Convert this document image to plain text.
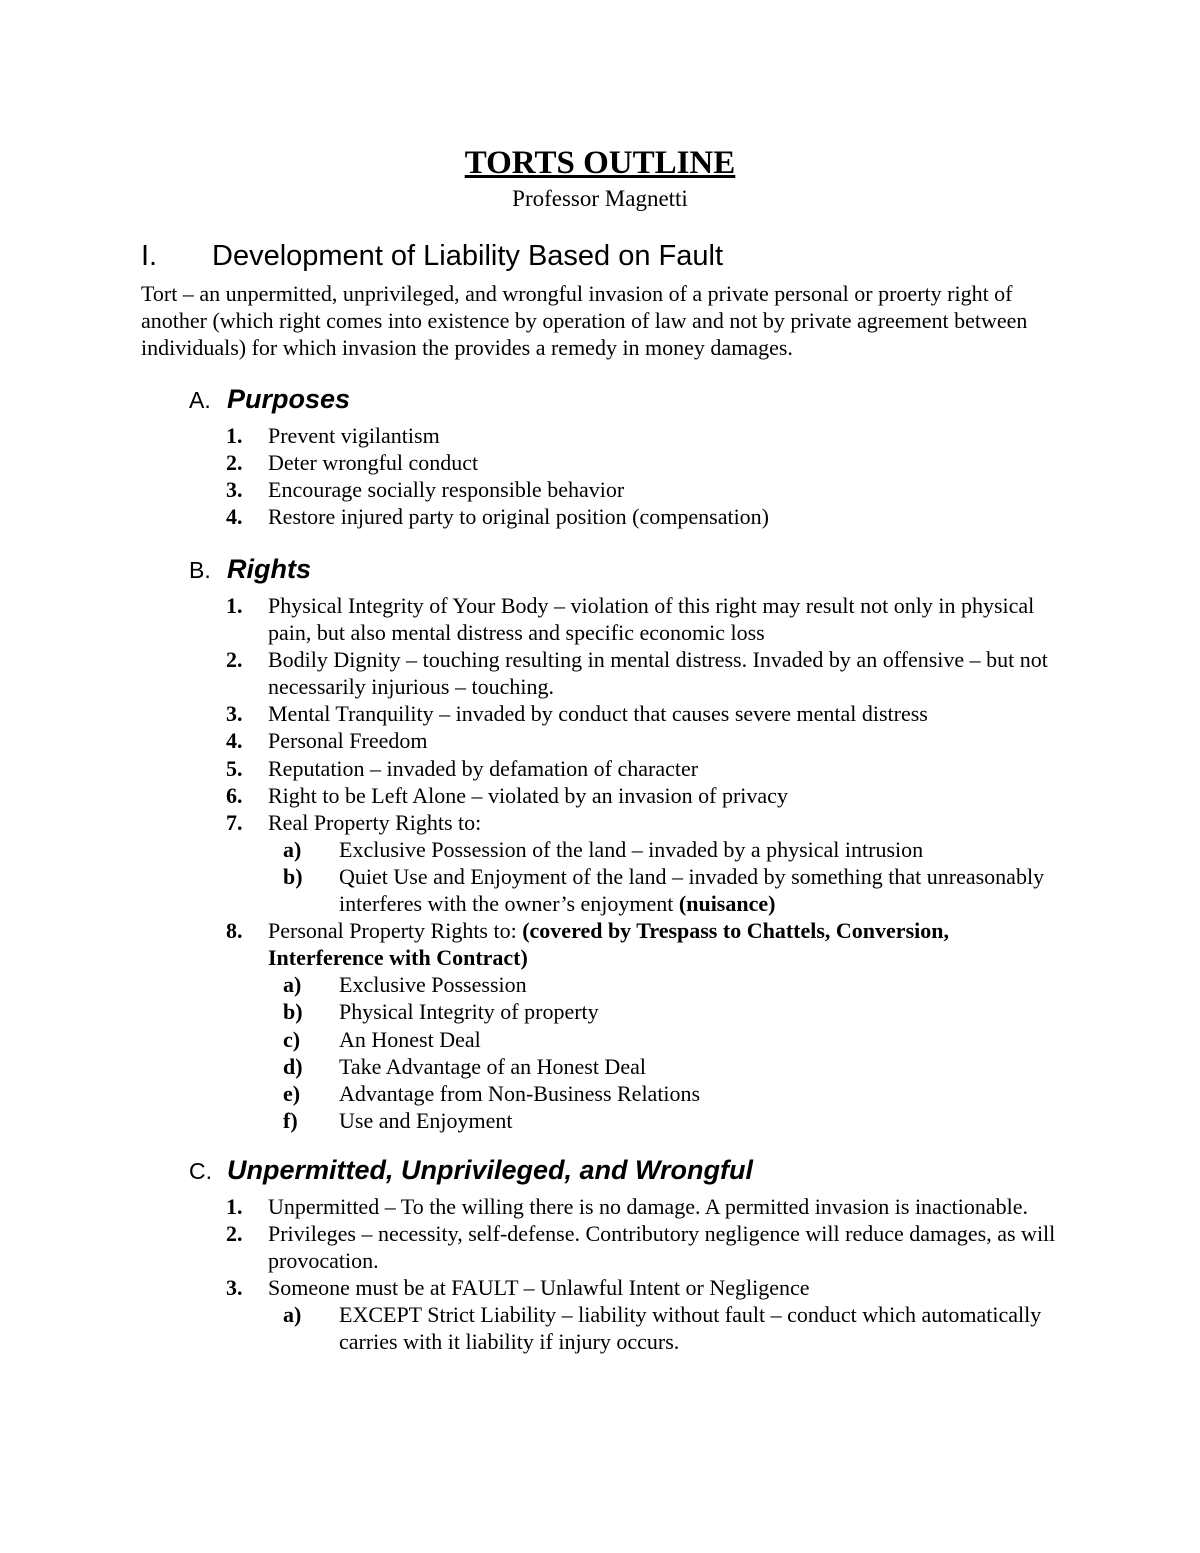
TORTS OUTLINE
Professor Magnetti
I. Development of Liability Based on Fault
Tort – an unpermitted, unprivileged, and wrongful invasion of a private personal or proerty right of another (which right comes into existence by operation of law and not by private agreement between individuals) for which invasion the provides a remedy in money damages.
A. Purposes
1. Prevent vigilantism
2. Deter wrongful conduct
3. Encourage socially responsible behavior
4. Restore injured party to original position (compensation)
B. Rights
1. Physical Integrity of Your Body – violation of this right may result not only in physical pain, but also mental distress and specific economic loss
2. Bodily Dignity – touching resulting in mental distress. Invaded by an offensive – but not necessarily injurious – touching.
3. Mental Tranquility – invaded by conduct that causes severe mental distress
4. Personal Freedom
5. Reputation – invaded by defamation of character
6. Right to be Left Alone – violated by an invasion of privacy
7. Real Property Rights to:
a) Exclusive Possession of the land – invaded by a physical intrusion
b) Quiet Use and Enjoyment of the land – invaded by something that unreasonably interferes with the owner’s enjoyment (nuisance)
8. Personal Property Rights to: (covered by Trespass to Chattels, Conversion, Interference with Contract)
a) Exclusive Possession
b) Physical Integrity of property
c) An Honest Deal
d) Take Advantage of an Honest Deal
e) Advantage from Non-Business Relations
f) Use and Enjoyment
C. Unpermitted, Unprivileged, and Wrongful
1. Unpermitted – To the willing there is no damage. A permitted invasion is inactionable.
2. Privileges – necessity, self-defense. Contributory negligence will reduce damages, as will provocation.
3. Someone must be at FAULT – Unlawful Intent or Negligence
a) EXCEPT Strict Liability – liability without fault – conduct which automatically carries with it liability if injury occurs.
